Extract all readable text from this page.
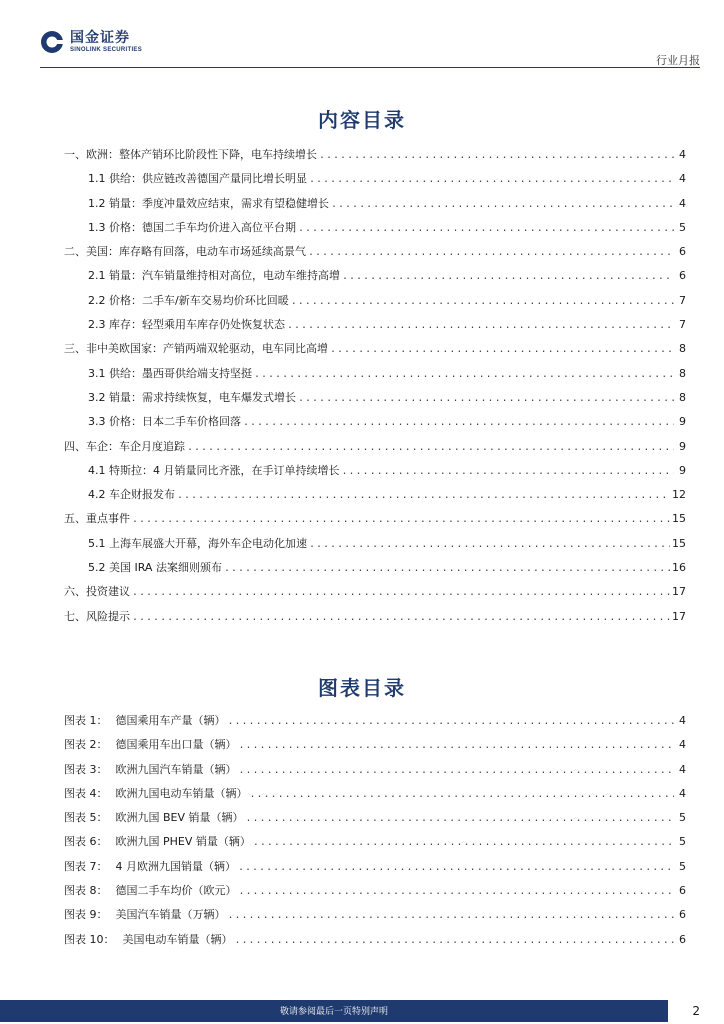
国金证券
SINOLINK SECURITIES
行业月报
内容目录
一、欧洲：整体产销环比阶段性下降，电车持续增长 .....	4
1.1 供给：供应链改善德国产量同比增长明显 .....	4
1.2 销量：季度冲量效应结束，需求有望稳健增长 .....	4
1.3 价格：德国二手车均价进入高位平台期 .....	5
二、美国：库存略有回落，电动车市场延续高景气 .....	6
2.1 销量：汽车销量维持相对高位，电动车维持高增 .....	6
2.2 价格：二手车/新车交易均价环比回暖 .....	7
2.3 库存：轻型乘用车库存仍处恢复状态 .....	7
三、非中美欧国家：产销两端双轮驱动，电车同比高增 .....	8
3.1 供给：墨西哥供给端支持坚挺 .....	8
3.2 销量：需求持续恢复，电车爆发式增长 .....	8
3.3 价格：日本二手车价格回落 .....	9
四、车企：车企月度追踪 .....	9
4.1 特斯拉：4 月销量同比齐涨，在手订单持续增长 .....	9
4.2 车企财报发布 .....	12
五、重点事件 .....	15
5.1 上海车展盛大开幕，海外车企电动化加速 .....	15
5.2 美国 IRA 法案细则颁布 .....	16
六、投资建议 .....	17
七、风险提示 .....	17
图表目录
图表 1： 德国乘用车产量（辆） .....	4
图表 2： 德国乘用车出口量（辆） .....	4
图表 3： 欧洲九国汽车销量（辆） .....	4
图表 4： 欧洲九国电动车销量（辆） .....	4
图表 5： 欧洲九国 BEV 销量（辆） .....	5
图表 6： 欧洲九国 PHEV 销量（辆） .....	5
图表 7： 4 月欧洲九国销量（辆） .....	5
图表 8： 德国二手车均价（欧元） .....	6
图表 9： 美国汽车销量（万辆） .....	6
图表 10： 美国电动车销量（辆） .....	6
敬请参阅最后一页特别声明	2
